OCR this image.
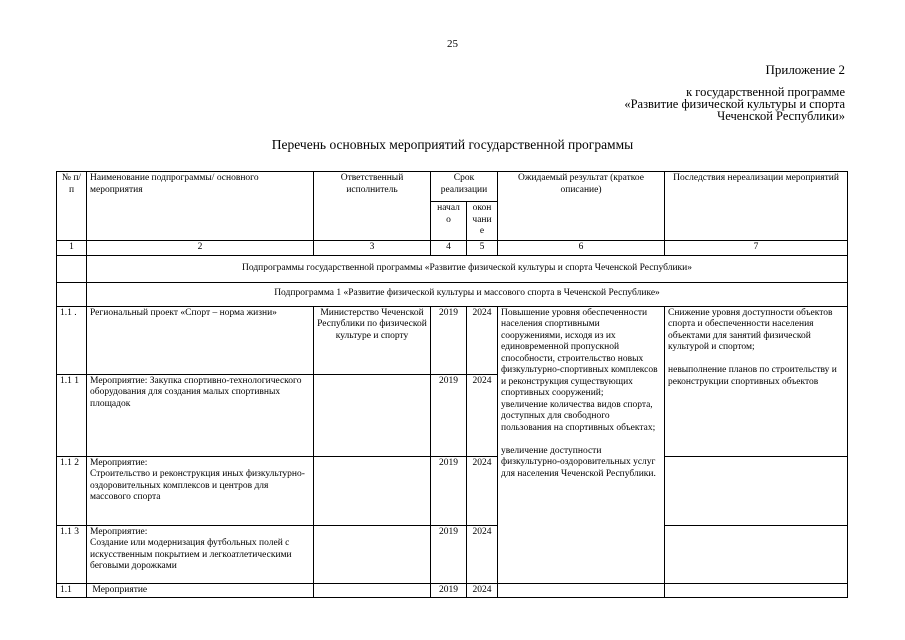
25
Приложение 2
к государственной программе
«Развитие физической культуры и спорта
Чеченской Республики»
Перечень основных мероприятий государственной программы
№ п/п	Наименование подпрограммы/ основного мероприятия	Ответственный исполнитель	Срок реализации		Ожидаемый результат (краткое описание)	Последствия нереализации мероприятий
			начал о	окон чани е		
1	2	3	4	5	6	7
	Подпрограммы государственной программы «Развитие физической культуры и спорта Чеченской Республики»					
	Подпрограмма 1 «Развитие физической культуры и массового спорта в Чеченской Республике»					
1.1 .	Региональный проект «Спорт – норма жизни»	Министерство Чеченской Республики по физической культуре и спорту	2019	2024	Повышение уровня обеспеченности населения спортивными сооружениями, исходя из их единовременной пропускной способности, строительство новых физкультурно-спортивных комплексов и реконструкция существующих спортивных сооружений;
увеличение количества видов спорта, доступных для свободного пользования на спортивных объектах;

увеличение доступности физкультурно-оздоровительных услуг для населения Чеченской Республики.	Снижение уровня доступности объектов спорта и обеспеченности населения объектами для занятий физической культурой и спортом;

невыполнение планов по строительству и реконструкции спортивных объектов
1.1 1	Мероприятие: Закупка спортивно-технологического оборудования для создания малых спортивных площадок		2019	2024		
1.1 2	Мероприятие:
Строительство и реконструкция иных физкультурно-оздоровительных комплексов и центров для массового спорта		2019	2024		
1.1 3	Мероприятие:
Создание или модернизация футбольных полей с искусственным покрытием и легкоатлетическими беговыми дорожками		2019	2024		
1.1	Мероприятие		2019	2024		
